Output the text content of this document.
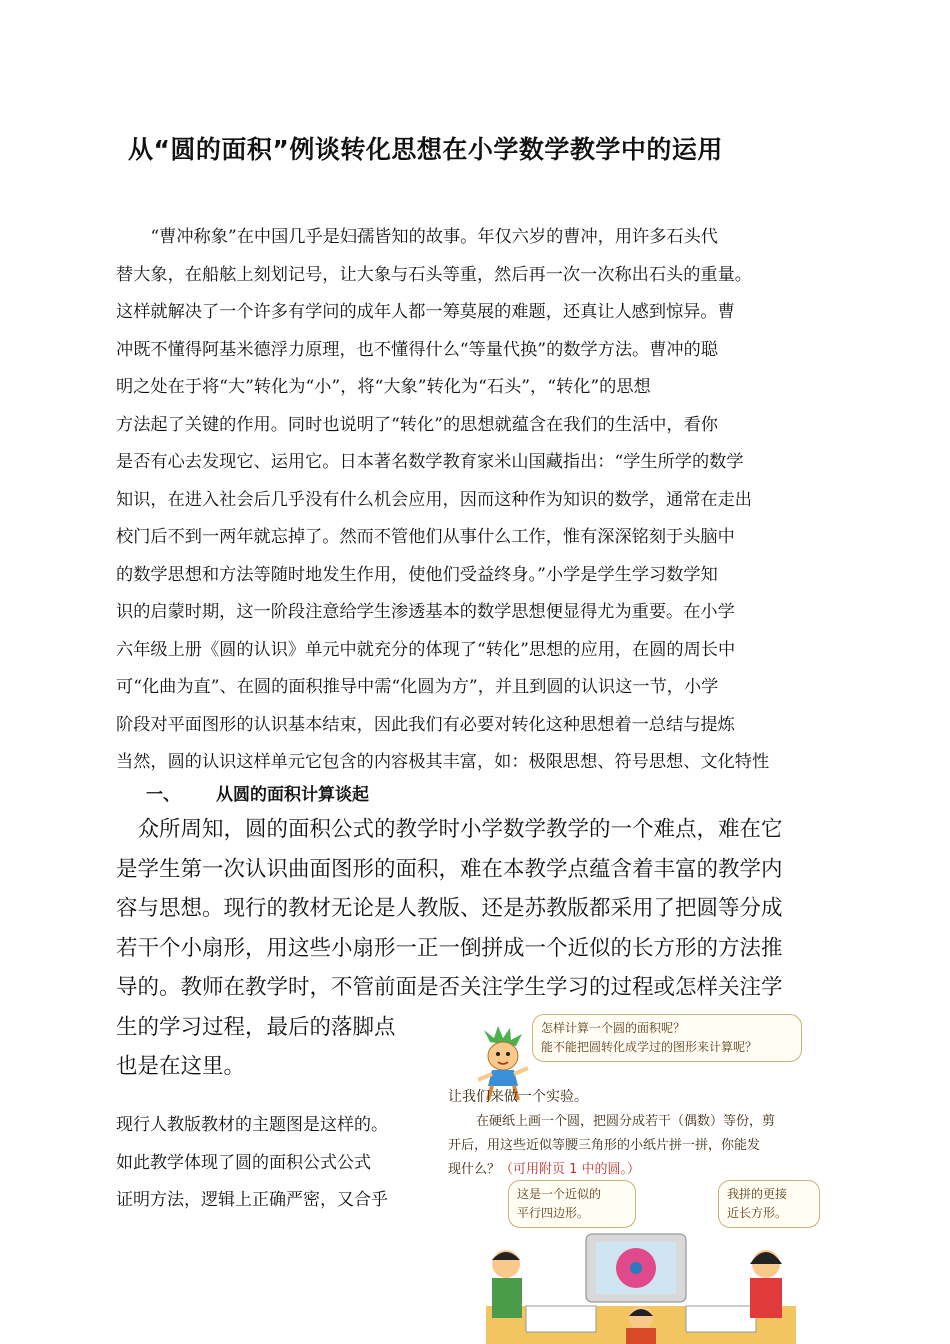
从“圆的面积”例谈转化思想在小学数学教学中的运用
　　“曹冲称象”在中国几乎是妇孺皆知的故事。年仅六岁的曹冲，用许多石头代
替大象，在船舷上刻划记号，让大象与石头等重，然后再一次一次称出石头的重量。
这样就解决了一个许多有学问的成年人都一筹莫展的难题，还真让人感到惊异。曹
冲既不懂得阿基米德浮力原理，也不懂得什么“等量代换”的数学方法。曹冲的聪
明之处在于将“大”转化为“小”，将“大象”转化为“石头”，“转化”的思想
方法起了关键的作用。同时也说明了“转化”的思想就蕴含在我们的生活中，看你
是否有心去发现它、运用它。日本著名数学教育家米山国藏指出：“学生所学的数学
知识，在进入社会后几乎没有什么机会应用，因而这种作为知识的数学，通常在走出
校门后不到一两年就忘掉了。然而不管他们从事什么工作，惟有深深铭刻于头脑中
的数学思想和方法等随时地发生作用，使他们受益终身。”小学是学生学习数学知
识的启蒙时期，这一阶段注意给学生渗透基本的数学思想便显得尤为重要。在小学
六年级上册《圆的认识》单元中就充分的体现了“转化”思想的应用，在圆的周长中
可“化曲为直”、在圆的面积推导中需“化圆为方”，并且到圆的认识这一节，小学
阶段对平面图形的认识基本结束，因此我们有必要对转化这种思想着一总结与提炼
当然，圆的认识这样单元它包含的内容极其丰富，如：极限思想、符号思想、文化特性
一、 从圆的面积计算谈起
　众所周知，圆的面积公式的教学时小学数学教学的一个难点，难在它
是学生第一次认识曲面图形的面积，难在本教学点蕴含着丰富的教学内
容与思想。现行的教材无论是人教版、还是苏教版都采用了把圆等分成
若干个小扇形，用这些小扇形一正一倒拼成一个近似的长方形的方法推
导的。教师在教学时，不管前面是否关注学生学习的过程或怎样关注学
生的学习过程，最后的落脚点
也是在这里。
现行人教版教材的主题图是这样的。
如此教学体现了圆的面积公式公式
证明方法，逻辑上正确严密，又合乎
怎样计算一个圆的面积呢？
能不能把圆转化成学过的图形来计算呢？
让我们来做一个实验。
在硬纸上画一个圆，把圆分成若干（偶数）等份，剪
开后，用这些近似等腰三角形的小纸片拼一拼，你能发
现什么？（可用附页 1 中的圆。）
这是一个近似的
平行四边形。
我拼的更接
近长方形。
